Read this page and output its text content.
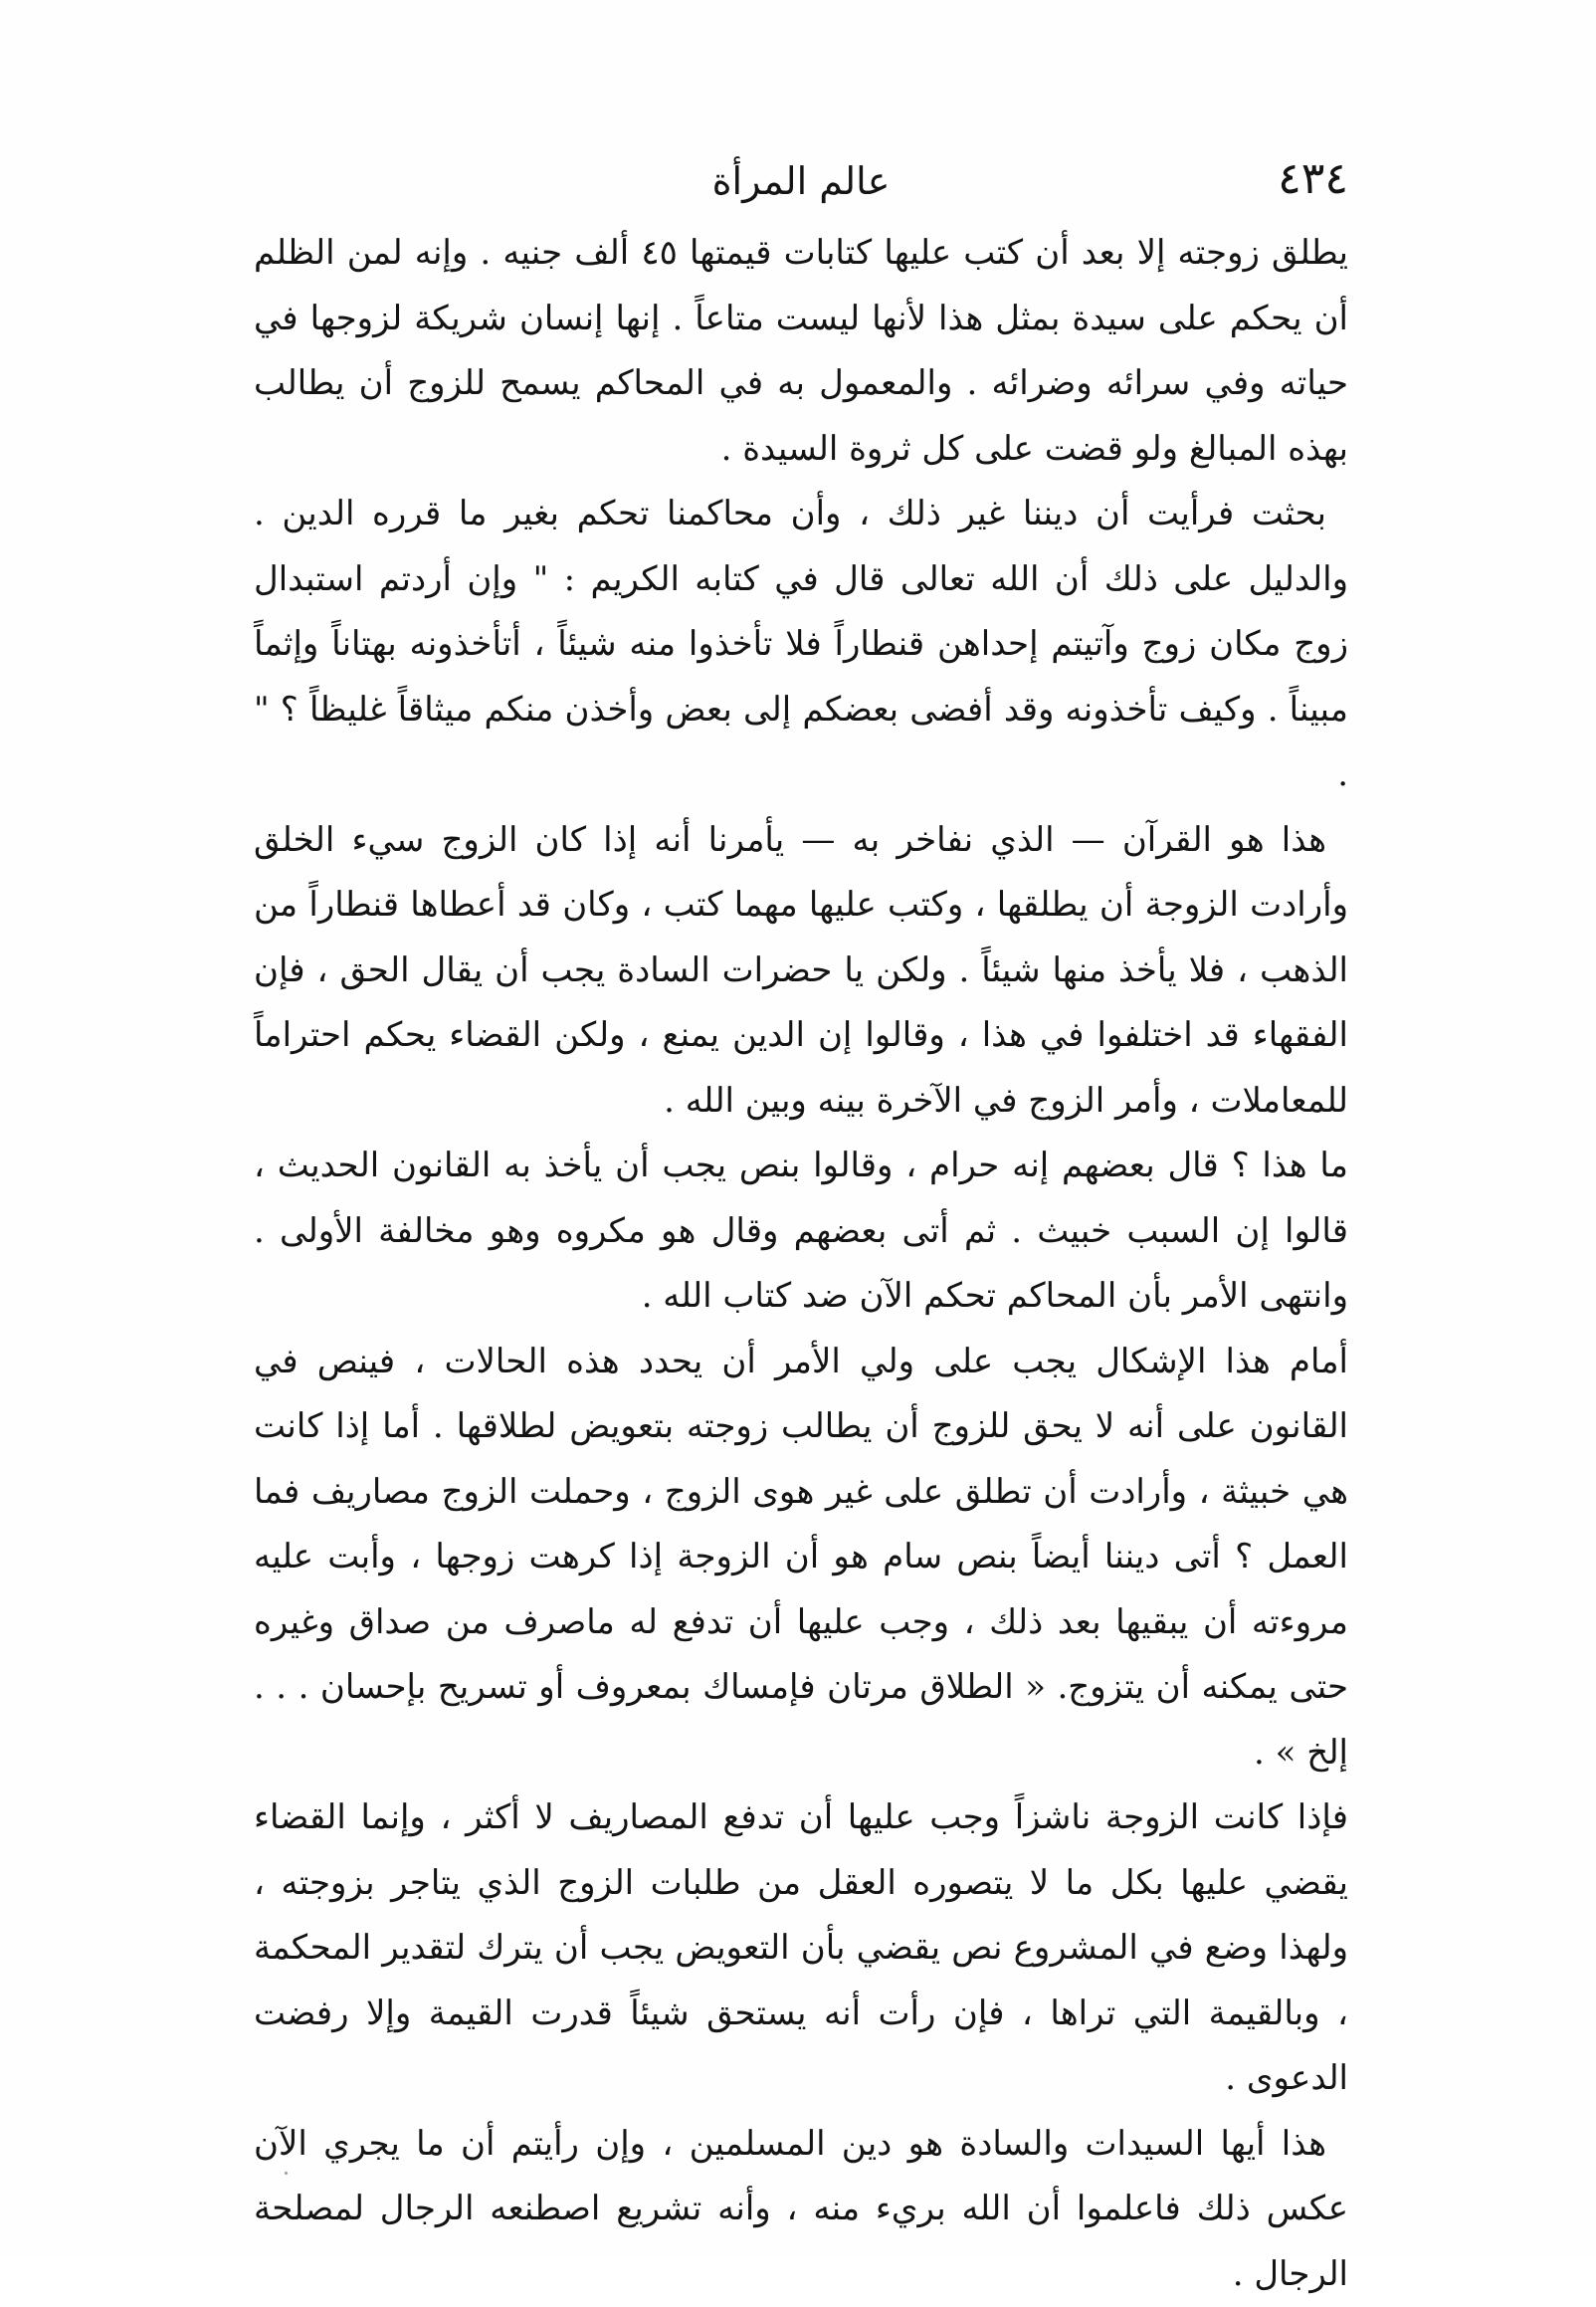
٤٣٤
عالم المرأة

يطلق زوجته إلا بعد أن كتب عليها كتابات قيمتها ٤٥ ألف جنيه . وإنه لمن الظلم أن يحكم على سيدة بمثل هذا لأنها ليست متاعاً . إنها إنسان شريكة لزوجها في حياته وفي سرائه وضرائه . والمعمول به في المحاكم يسمح للزوج أن يطالب بهذه المبالغ ولو قضت على كل ثروة السيدة .

بحثت فرأيت أن ديننا غير ذلك ، وأن محاكمنا تحكم بغير ما قرره الدين . والدليل على ذلك أن الله تعالى قال في كتابه الكريم : " وإن أردتم استبدال زوج مكان زوج وآتيتم إحداهن قنطاراً فلا تأخذوا منه شيئاً ، أتأخذونه بهتاناً وإثماً مبيناً . وكيف تأخذونه وقد أفضى بعضكم إلى بعض وأخذن منكم ميثاقاً غليظاً ؟ " .

هذا هو القرآن — الذي نفاخر به — يأمرنا أنه إذا كان الزوج سيء الخلق وأرادت الزوجة أن يطلقها ، وكتب عليها مهما كتب ، وكان قد أعطاها قنطاراً من الذهب ، فلا يأخذ منها شيئاً . ولكن يا حضرات السادة يجب أن يقال الحق ، فإن الفقهاء قد اختلفوا في هذا ، وقالوا إن الدين يمنع ، ولكن القضاء يحكم احتراماً للمعاملات ، وأمر الزوج في الآخرة بينه وبين الله .

ما هذا ؟ قال بعضهم إنه حرام ، وقالوا بنص يجب أن يأخذ به القانون الحديث ، قالوا إن السبب خبيث . ثم أتى بعضهم وقال هو مكروه وهو مخالفة الأولى . وانتهى الأمر بأن المحاكم تحكم الآن ضد كتاب الله .

أمام هذا الإشكال يجب على ولي الأمر أن يحدد هذه الحالات ، فينص في القانون على أنه لا يحق للزوج أن يطالب زوجته بتعويض لطلاقها . أما إذا كانت هي خبيثة ، وأرادت أن تطلق على غير هوى الزوج ، وحملت الزوج مصاريف فما العمل ؟ أتى ديننا أيضاً بنص سام هو أن الزوجة إذا كرهت زوجها ، وأبت عليه مروءته أن يبقيها بعد ذلك ، وجب عليها أن تدفع له ماصرف من صداق وغيره حتى يمكنه أن يتزوج. « الطلاق مرتان فإمساك بمعروف أو تسريح بإحسان . . . إلخ » .

فإذا كانت الزوجة ناشزاً وجب عليها أن تدفع المصاريف لا أكثر ، وإنما القضاء يقضي عليها بكل ما لا يتصوره العقل من طلبات الزوج الذي يتاجر بزوجته ، ولهذا وضع في المشروع نص يقضي بأن التعويض يجب أن يترك لتقدير المحكمة ، وبالقيمة التي تراها ، فإن رأت أنه يستحق شيئاً قدرت القيمة وإلا رفضت الدعوى .

هذا أيها السيدات والسادة هو دين المسلمين ، وإن رأيتم أن ما يجري الآن عكس ذلك فاعلموا أن الله بريء منه ، وأنه تشريع اصطنعه الرجال لمصلحة الرجال .
